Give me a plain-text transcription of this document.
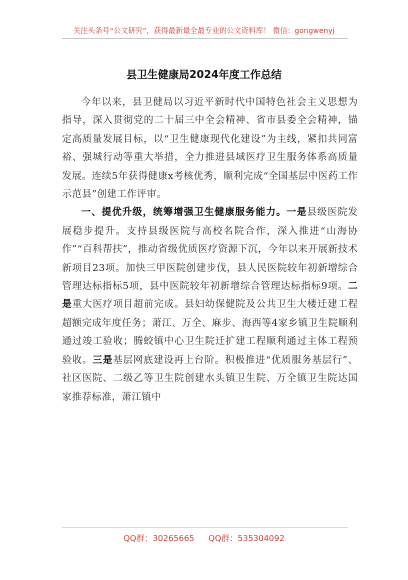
关注头条号“公文研究”，获得最新最全最专业的公文资料库！ 微信：gongwenyj
县卫生健康局2024年度工作总结

今年以来，县卫健局以习近平新时代中国特色社会主义思想为指导，深入贯彻党的二十届三中全会精神、省市县委全会精神，锚定高质量发展目标，以“卫生健康现代化建设”为主线，紧扣共同富裕、强城行动等重大举措，全力推进县域医疗卫生服务体系高质量发展。连续5年获得健康x考核优秀，顺利完成“全国基层中医药工作示范县”创建工作评审。

一、提优升级，统筹增强卫生健康服务能力。一是县级医院发展稳步提升。支持县级医院与高校名院合作，深入推进“山海协作”“百科帮扶”，推动省级优质医疗资源下沉，今年以来开展新技术新项目23项。加快三甲医院创建步伐，县人民医院较年初新增综合管理达标指标5项，县中医院较年初新增综合管理达标指标9项。二是重大医疗项目超前完成。县妇幼保健院及公共卫生大楼迁建工程超额完成年度任务；萧江、万全、麻步、海西等4家乡镇卫生院顺利通过竣工验收；腾蛟镇中心卫生院迁扩建工程顺利通过主体工程预验收。三是基层网底建设再上台阶。积极推进“优质服务基层行”、社区医院、二级乙等卫生院创建水头镇卫生院、万全镇卫生院达国家推荐标准，萧江镇中

QQ群：30265665 QQ群：535304092
